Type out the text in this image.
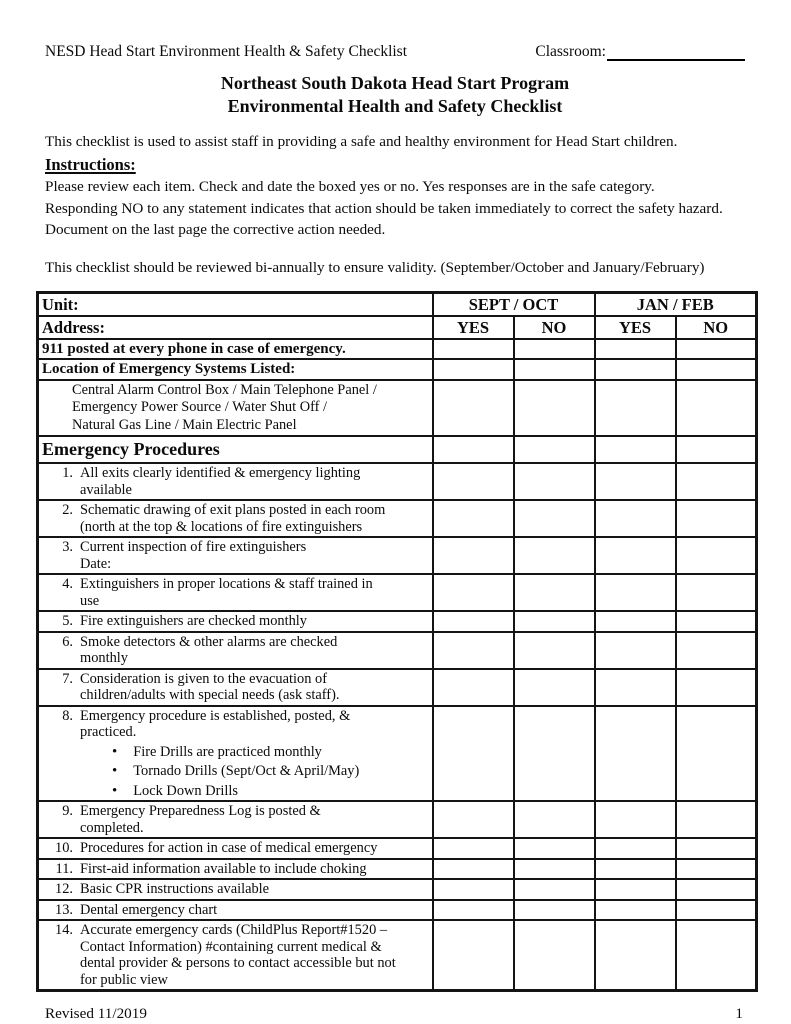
NESD Head Start Environment Health & Safety Checklist	Classroom:
Northeast South Dakota Head Start Program
Environmental Health and Safety Checklist
This checklist is used to assist staff in providing a safe and healthy environment for Head Start children.
Instructions:
Please review each item. Check and date the boxed yes or no. Yes responses are in the safe category.
Responding NO to any statement indicates that action should be taken immediately to correct the safety hazard.
Document on the last page the corrective action needed.
This checklist should be reviewed bi-annually to ensure validity. (September/October and January/February)
Unit:	SEPT / OCT		JAN / FEB	
Address:	YES	NO	YES	NO
911 posted at every phone in case of emergency.				
Location of Emergency Systems Listed:				

Central Alarm Control Box / Main Telephone Panel /
Emergency Power Source / Water Shut Off /
Natural Gas Line / Main Electric Panel				

Emergency Procedures				

1. All exits clearly identified & emergency lighting
available				

2. Schematic drawing of exit plans posted in each room
(north at the top & locations of fire extinguishers				

3. Current inspection of fire extinguishers
Date:				

4. Extinguishers in proper locations & staff trained in
use				

5. Fire extinguishers are checked monthly				

6. Smoke detectors & other alarms are checked
monthly				

7. Consideration is given to the evacuation of
children/adults with special needs (ask staff).				

8. Emergency procedure is established, posted, &
practiced.
• Fire Drills are practiced monthly
• Tornado Drills (Sept/Oct & April/May)
• Lock Down Drills

9. Emergency Preparedness Log is posted &
completed.				

10. Procedures for action in case of medical emergency				

11. First-aid information available to include choking				

12. Basic CPR instructions available				

13. Dental emergency chart				

14. Accurate emergency cards (ChildPlus Report#1520 –
Contact Information) #containing current medical &
dental provider & persons to contact accessible but not
for public view				

Revised 11/2019	1
